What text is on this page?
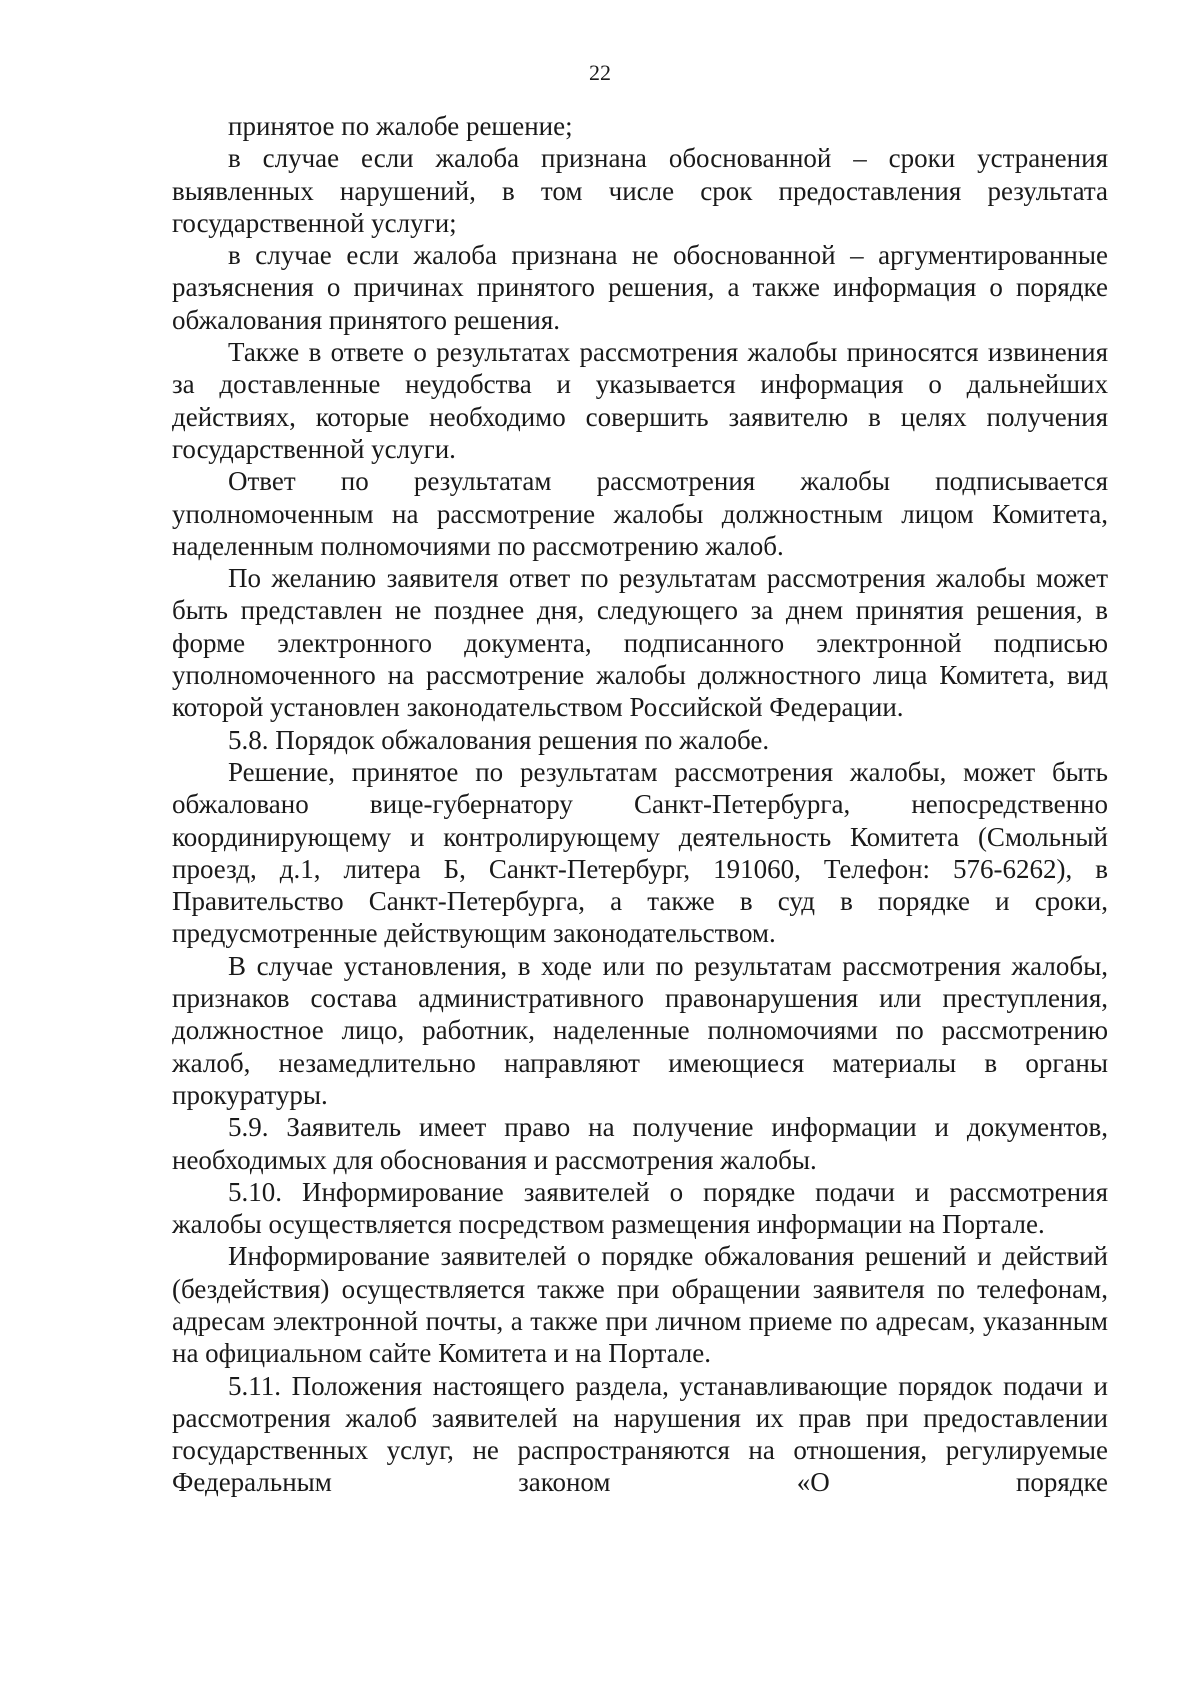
22

принятое по жалобе решение;

в случае если жалоба признана обоснованной – сроки устранения выявленных нарушений, в том числе срок предоставления результата государственной услуги;

в случае если жалоба признана не обоснованной – аргументированные разъяснения о причинах принятого решения, а также информация о порядке обжалования принятого решения.

Также в ответе о результатах рассмотрения жалобы приносятся извинения за доставленные неудобства и указывается информация о дальнейших действиях, которые необходимо совершить заявителю в целях получения государственной услуги.

Ответ по результатам рассмотрения жалобы подписывается уполномоченным на рассмотрение жалобы должностным лицом Комитета, наделенным полномочиями по рассмотрению жалоб.

По желанию заявителя ответ по результатам рассмотрения жалобы может быть представлен не позднее дня, следующего за днем принятия решения, в форме электронного документа, подписанного электронной подписью уполномоченного на рассмотрение жалобы должностного лица Комитета, вид которой установлен законодательством Российской Федерации.

5.8. Порядок обжалования решения по жалобе.

Решение, принятое по результатам рассмотрения жалобы, может быть обжаловано вице-губернатору Санкт-Петербурга, непосредственно координирующему и контролирующему деятельность Комитета (Смольный проезд, д.1, литера Б, Санкт-Петербург, 191060, Телефон: 576-6262), в Правительство Санкт-Петербурга, а также в суд в порядке и сроки, предусмотренные действующим законодательством.

В случае установления, в ходе или по результатам рассмотрения жалобы, признаков состава административного правонарушения или преступления, должностное лицо, работник, наделенные полномочиями по рассмотрению жалоб, незамедлительно направляют имеющиеся материалы в органы прокуратуры.

5.9. Заявитель имеет право на получение информации и документов, необходимых для обоснования и рассмотрения жалобы.

5.10. Информирование заявителей о порядке подачи и рассмотрения жалобы осуществляется посредством размещения информации на Портале.

Информирование заявителей о порядке обжалования решений и действий (бездействия) осуществляется также при обращении заявителя по телефонам, адресам электронной почты, а также при личном приеме по адресам, указанным на официальном сайте Комитета и на Портале.

5.11. Положения настоящего раздела, устанавливающие порядок подачи и рассмотрения жалоб заявителей на нарушения их прав при предоставлении государственных услуг, не распространяются на отношения, регулируемые Федеральным законом «О порядке
